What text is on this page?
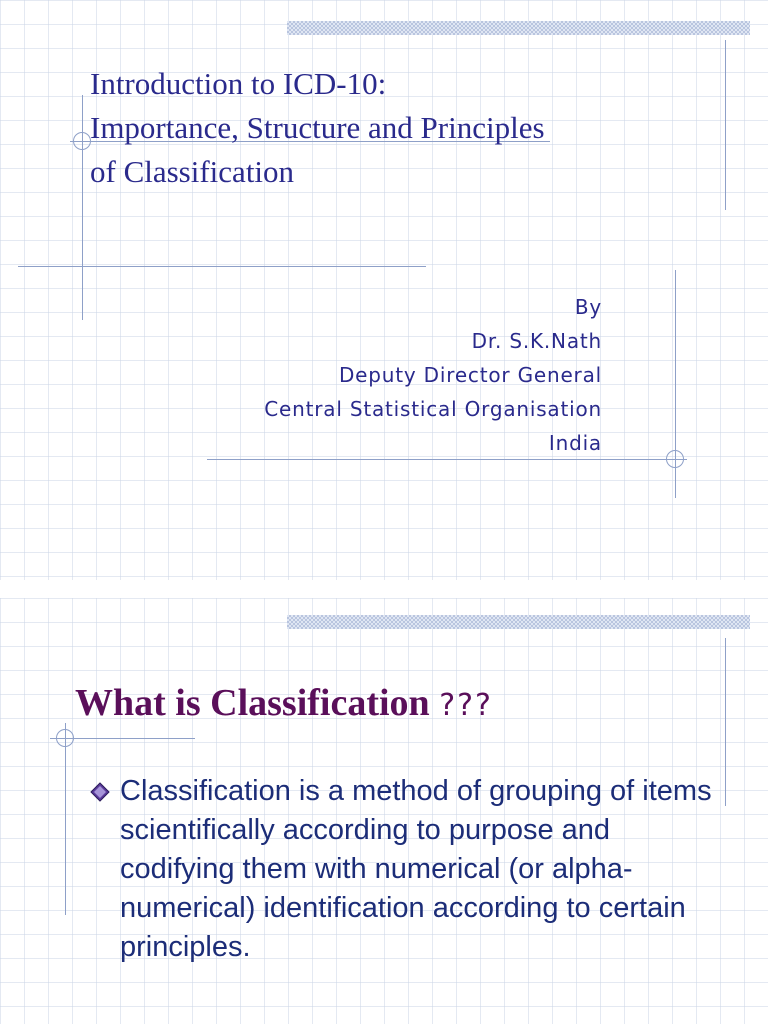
Introduction to ICD-10:
Importance, Structure and Principles
of Classification
By
Dr. S.K.Nath
Deputy Director General
Central Statistical Organisation
India
What is Classification ???
Classification is a method of grouping of items scientifically according to purpose and codifying them with numerical (or alpha-numerical) identification according to certain principles.
